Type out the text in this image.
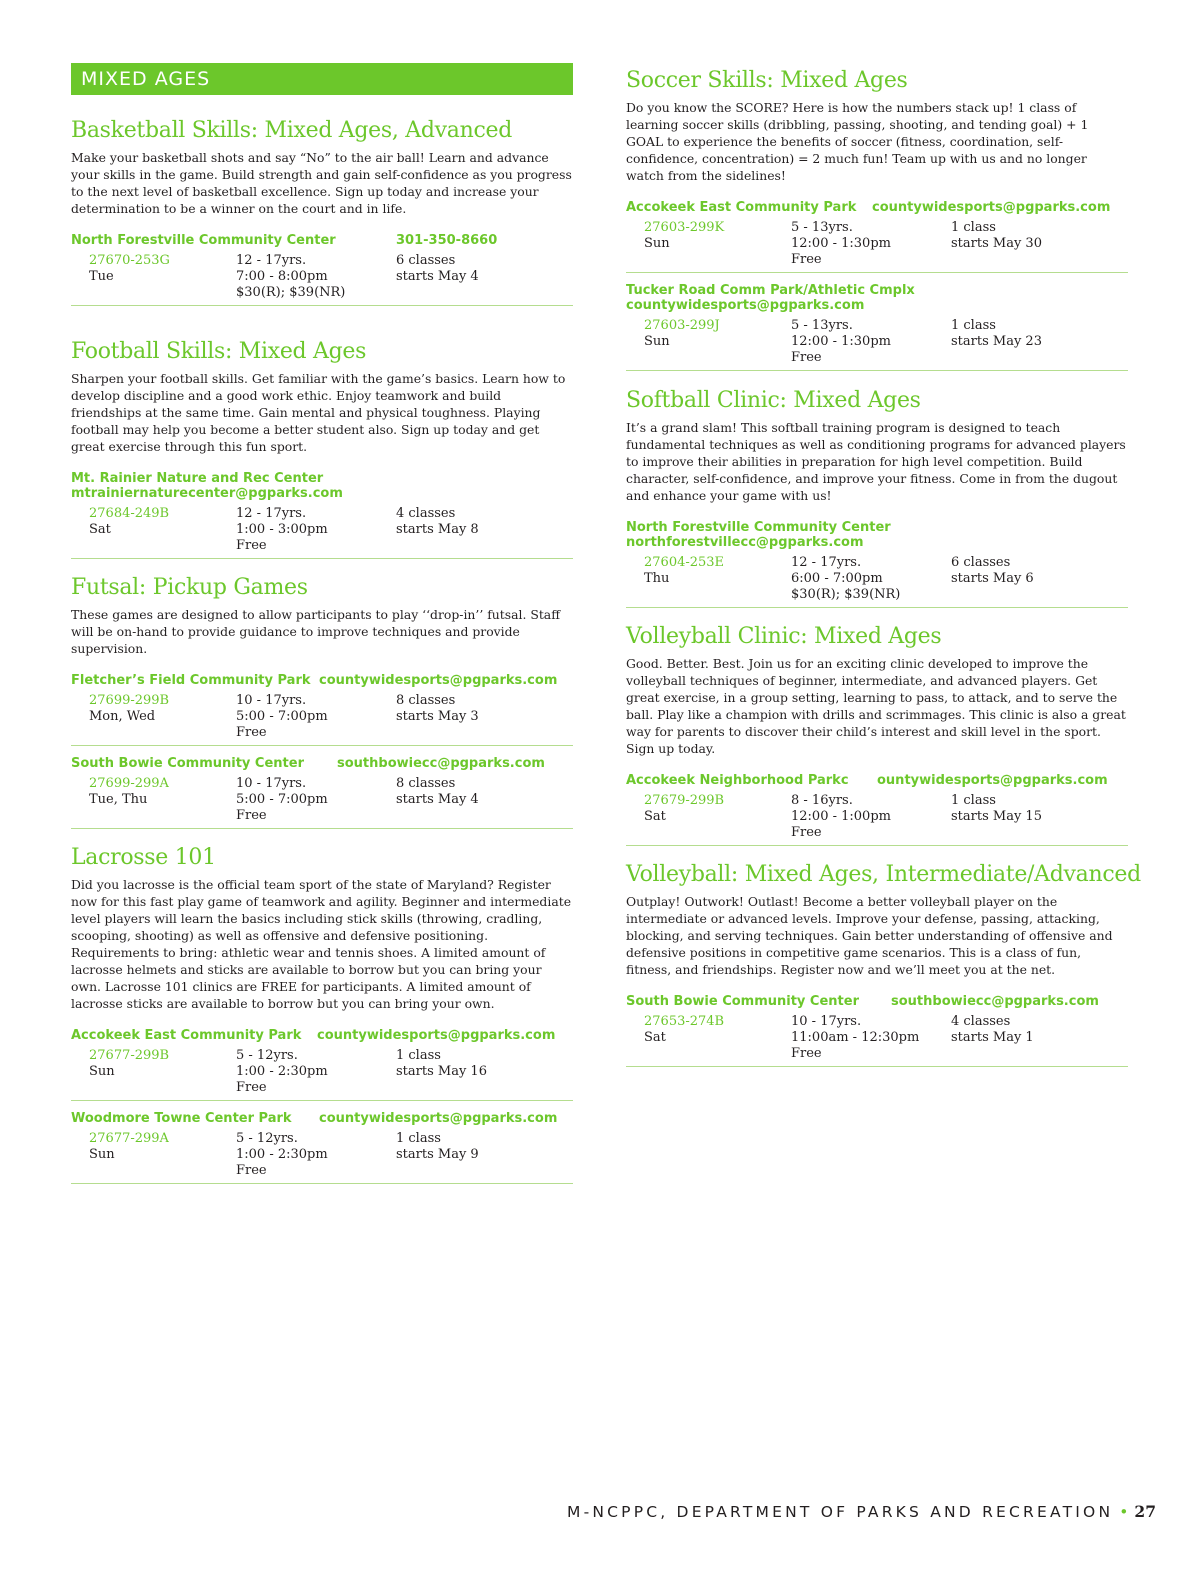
MIXED AGES
Basketball Skills: Mixed Ages, Advanced

Make your basketball shots and say “No” to the air ball! Learn and advance your skills in the game. Build strength and gain self-confidence as you progress to the next level of basketball excellence. Sign up today and increase your determination to be a winner on the court and in life.

North Forestville Community Center	301-350-8660
27670-253G
Tue
12 - 17yrs.
7:00 - 8:00pm
$30(R); $39(NR)
6 classes
starts May 4
Football Skills: Mixed Ages

Sharpen your football skills. Get familiar with the game’s basics. Learn how to develop discipline and a good work ethic. Enjoy teamwork and build friendships at the same time. Gain mental and physical toughness. Playing football may help you become a better student also. Sign up today and get great exercise through this fun sport.

Mt. Rainier Nature and Rec Center
mtrainiernaturecenter@pgparks.com
27684-249B
Sat
12 - 17yrs.
1:00 - 3:00pm
Free
4 classes
starts May 8
Futsal: Pickup Games

These games are designed to allow participants to play ‘‘drop-in’’ futsal. Staff will be on-hand to provide guidance to improve techniques and provide supervision.

Fletcher’s Field Community Park countywidesports@pgparks.com
27699-299B
Mon, Wed
10 - 17yrs.
5:00 - 7:00pm
Free
8 classes
starts May 3
South Bowie Community Center	southbowiecc@pgparks.com
27699-299A
Tue, Thu
10 - 17yrs.
5:00 - 7:00pm
Free
8 classes
starts May 4
Lacrosse 101

Did you lacrosse is the official team sport of the state of Maryland? Register now for this fast play game of teamwork and agility. Beginner and intermediate level players will learn the basics including stick skills (throwing, cradling, scooping, shooting) as well as offensive and defensive positioning. Requirements to bring: athletic wear and tennis shoes. A limited amount of lacrosse helmets and sticks are available to borrow but you can bring your own. Lacrosse 101 clinics are FREE for participants. A limited amount of lacrosse sticks are available to borrow but you can bring your own.

Accokeek East Community Park countywidesports@pgparks.com
27677-299B
Sun
5 - 12yrs.
1:00 - 2:30pm
Free
1 class
starts May 16
Woodmore Towne Center Park countywidesports@pgparks.com
27677-299A
Sun
5 - 12yrs.
1:00 - 2:30pm
Free
1 class
starts May 9
Soccer Skills: Mixed Ages

Do you know the SCORE? Here is how the numbers stack up! 1 class of learning soccer skills (dribbling, passing, shooting, and tending goal) + 1 GOAL to experience the benefits of soccer (fitness, coordination, self-confidence, concentration) = 2 much fun! Team up with us and no longer watch from the sidelines!

Accokeek East Community Park countywidesports@pgparks.com
27603-299K
Sun
5 - 13yrs.
12:00 - 1:30pm
Free
1 class
starts May 30
Tucker Road Comm Park/Athletic Cmplx
countywidesports@pgparks.com
27603-299J
Sun
5 - 13yrs.
12:00 - 1:30pm
Free
1 class
starts May 23
Softball Clinic: Mixed Ages

It’s a grand slam! This softball training program is designed to teach fundamental techniques as well as conditioning programs for advanced players to improve their abilities in preparation for high level competition. Build character, self-confidence, and improve your fitness. Come in from the dugout and enhance your game with us!

North Forestville Community Center
northforestvillecc@pgparks.com
27604-253E
Thu
12 - 17yrs.
6:00 - 7:00pm
$30(R); $39(NR)
6 classes
starts May 6
Volleyball Clinic: Mixed Ages

Good. Better. Best. Join us for an exciting clinic developed to improve the volleyball techniques of beginner, intermediate, and advanced players. Get great exercise, in a group setting, learning to pass, to attack, and to serve the ball. Play like a champion with drills and scrimmages. This clinic is also a great way for parents to discover their child’s interest and skill level in the sport. Sign up today.

Accokeek Neighborhood Parkc ountywidesports@pgparks.com
27679-299B
Sat
8 - 16yrs.
12:00 - 1:00pm
Free
1 class
starts May 15
Volleyball: Mixed Ages, Intermediate/Advanced

Outplay! Outwork! Outlast! Become a better volleyball player on the intermediate or advanced levels. Improve your defense, passing, attacking, blocking, and serving techniques. Gain better understanding of offensive and defensive positions in competitive game scenarios. This is a class of fun, fitness, and friendships. Register now and we’ll meet you at the net.

South Bowie Community Center southbowiecc@pgparks.com
27653-274B
Sat
10 - 17yrs.
11:00am - 12:30pm
Free
4 classes
starts May 1
M-NCPPC, DEPARTMENT OF PARKS AND RECREATION • 27
